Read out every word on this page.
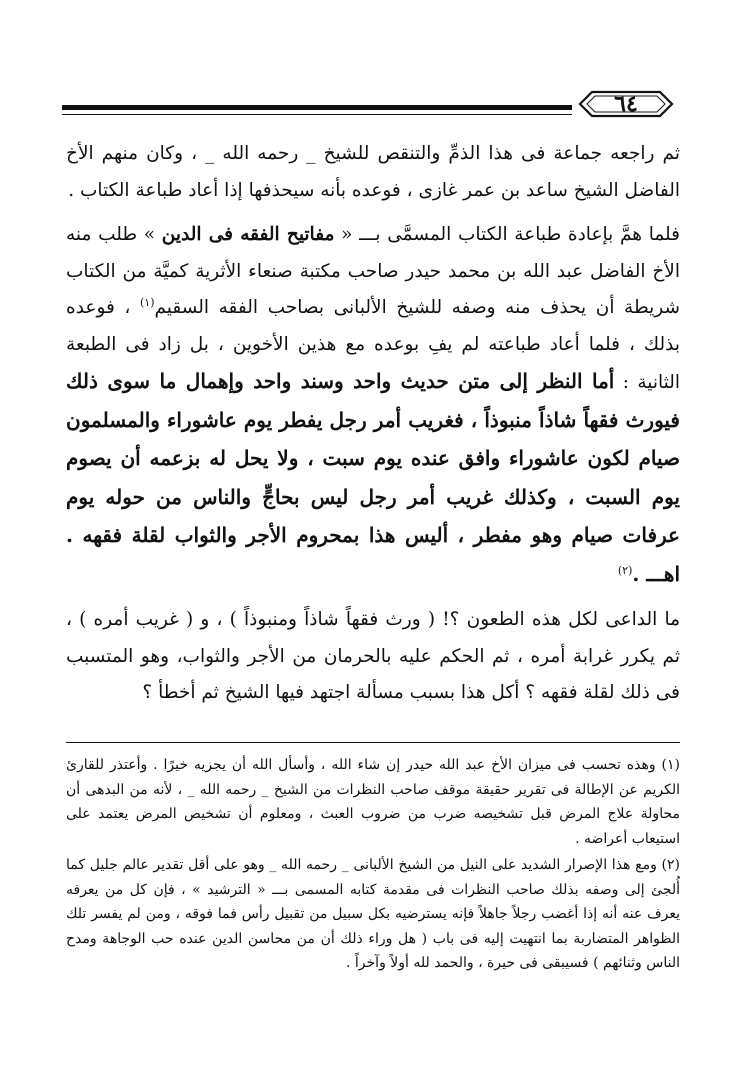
٦٤

ثم راجعه جماعة فى هذا الذمِّ والتنقص للشيخ _ رحمه الله _ ، وكان منهم الأخ الفاضل الشيخ ساعد بن عمر غازى ، فوعده بأنه سيحذفها إذا أعاد طباعة الكتاب .

فلما همَّ بإعادة طباعة الكتاب المسمَّى بـــ « مفاتيح الفقه فى الدين » طلب منه الأخ الفاضل عبد الله بن محمد حيدر صاحب مكتبة صنعاء الأثرية كميَّة من الكتاب شريطة أن يحذف منه وصفه للشيخ الألبانى بصاحب الفقه السقيم$^{(١)}$ ، فوعده بذلك ، فلما أعاد طباعته لم يفِ بوعده مع هذين الأخوين ، بل زاد فى الطبعة الثانية : أما النظر إلى متن حديث واحد وسند واحد وإهمال ما سوى ذلك فيورث فقهاً شاذاً منبوذاً ، فغريب أمر رجل يفطر يوم عاشوراء والمسلمون صيام لكون عاشوراء وافق عنده يوم سبت ، ولا يحل له بزعمه أن يصوم يوم السبت ، وكذلك غريب أمر رجل ليس بحاجٍّ والناس من حوله يوم عرفات صيام وهو مفطر ، أليس هذا بمحروم الأجر والثواب لقلة فقهه . اهـــ .$^{(٢)}$

ما الداعى لكل هذه الطعون ؟! ( ورث فقهاً شاذاً ومنبوذاً ) ، و ( غريب أمره ) ، ثم يكرر غرابة أمره ، ثم الحكم عليه بالحرمان من الأجر والثواب، وهو المتسبب فى ذلك لقلة فقهه ؟ أكل هذا بسبب مسألة اجتهد فيها الشيخ ثم أخطأ ؟

(١) وهذه تحسب فى ميزان الأخ عبد الله حيدر إن شاء الله ، وأسأل الله أن يجزيه خيرًا . وأعتذر للقارئ الكريم عن الإطالة فى تقرير حقيقة موقف صاحب النظرات من الشيخ _ رحمه الله _ ، لأنه من البدهى أن محاولة علاج المرض قبل تشخيصه ضرب من ضروب العبث ، ومعلوم أن تشخيص المرض يعتمد على استيعاب أعراضه .

(٢) ومع هذا الإصرار الشديد على النيل من الشيخ الألبانى _ رحمه الله _ وهو على أقل تقدير عالم جليل كما أُلجئ إلى وصفه بذلك صاحب النظرات فى مقدمة كتابه المسمى بـــ « الترشيد » ، فإن كل من يعرفه يعرف عنه أنه إذا أغضب رجلاً جاهلاً فإنه يسترضيه بكل سبيل من تقبيل رأس فما فوقه ، ومن لم يفسر تلك الظواهر المتضاربة بما انتهيت إليه فى باب ( هل وراء ذلك أن من محاسن الدين عنده حب الوجاهة ومدح الناس وثنائهم ) فسيبقى فى حيرة ، والحمد لله أولاً وآخراً .
